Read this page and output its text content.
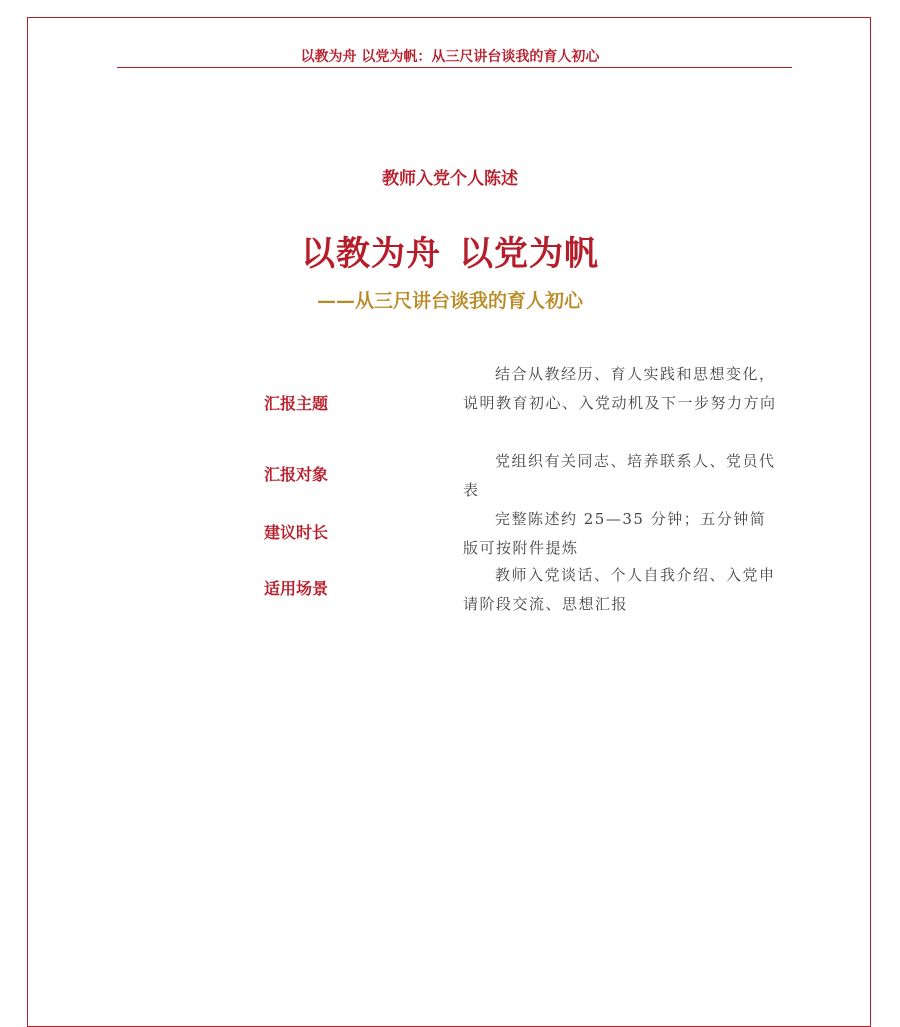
以教为舟 以党为帆：从三尺讲台谈我的育人初心
教师入党个人陈述
以教为舟 以党为帆
——从三尺讲台谈我的育人初心
汇报主题
结合从教经历、育人实践和思想变化，说明教育初心、入党动机及下一步努力方向
汇报对象
党组织有关同志、培养联系人、党员代表
建议时长
完整陈述约 25—35 分钟；五分钟简版可按附件提炼
适用场景
教师入党谈话、个人自我介绍、入党申请阶段交流、思想汇报
